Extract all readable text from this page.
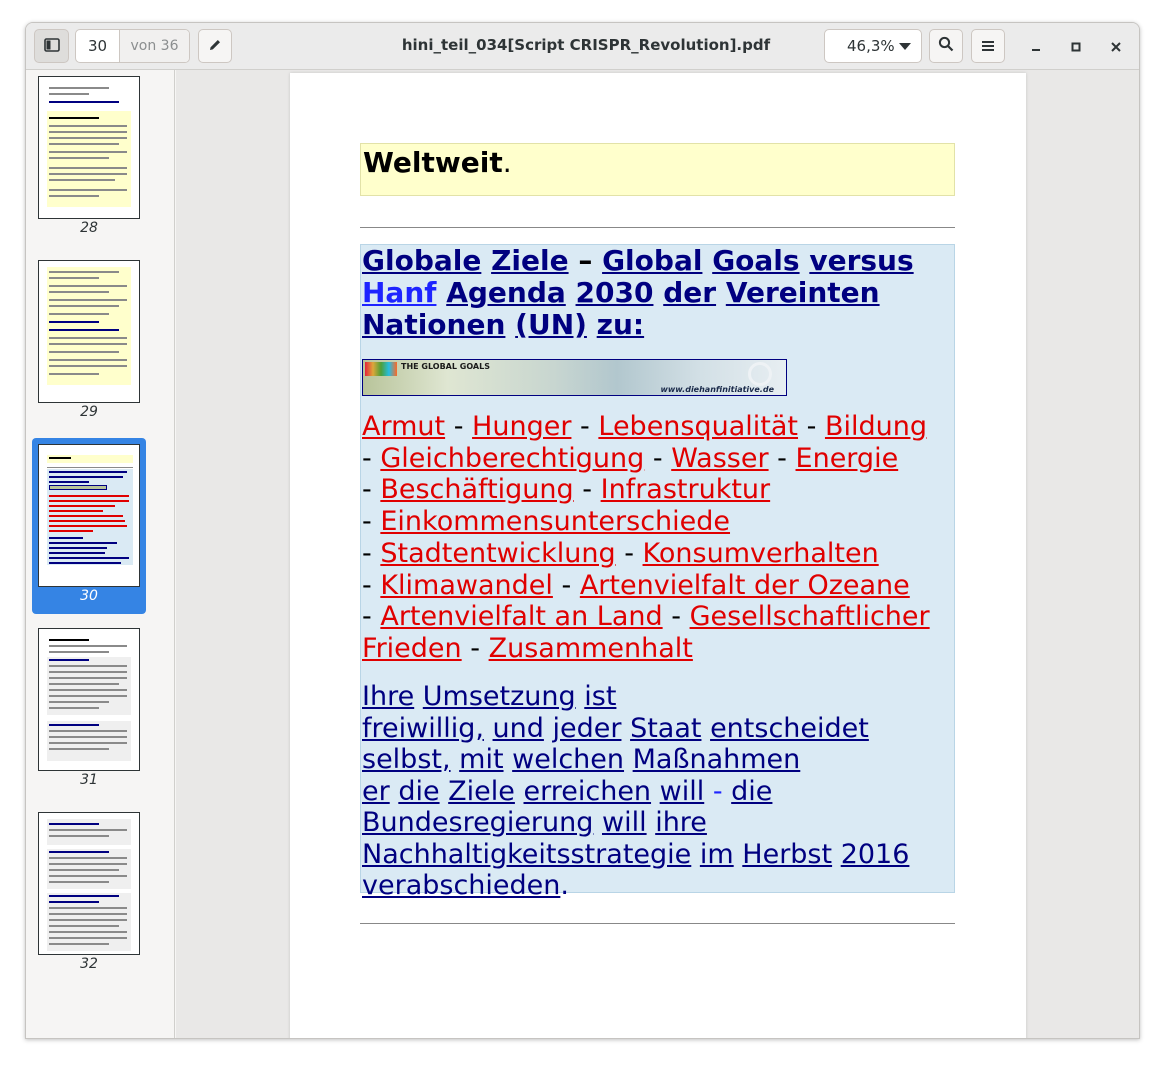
30	von 36	hini_teil_034[Script CRISPR_Revolution].pdf	46,3%
28
29
30
31
32
Weltweit.
Globale Ziele – Global Goals versus
Hanf Agenda 2030 der Vereinten
Nationen (UN) zu:
THE GLOBAL GOALS
www.diehanfinitiative.de
Armut - Hunger - Lebensqualität - Bildung
- Gleichberechtigung - Wasser - Energie
- Beschäftigung - Infrastruktur
- Einkommensunterschiede
- Stadtentwicklung - Konsumverhalten
- Klimawandel - Artenvielfalt der Ozeane
- Artenvielfalt an Land - Gesellschaftlicher Frieden - Zusammenhalt
Ihre Umsetzung ist
freiwillig, und jeder Staat entscheidet
selbst, mit welchen Maßnahmen
er die Ziele erreichen will - die
Bundesregierung will ihre Nachhaltigkeitsstrategie im Herbst 2016 verabschieden.
